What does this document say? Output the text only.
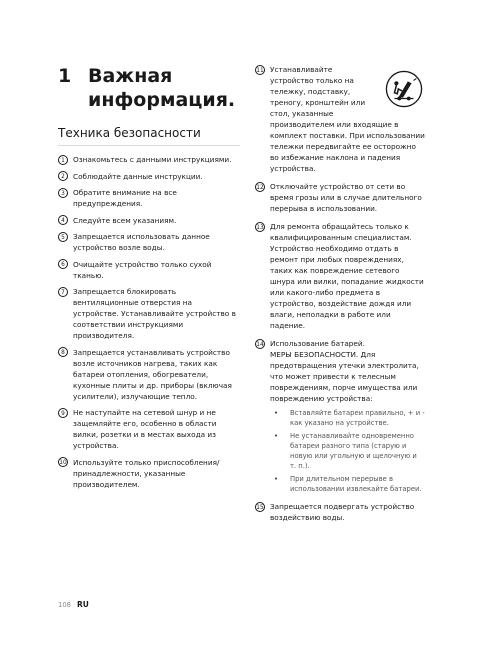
1 Важная информация.
Техника безопасности
1	Ознакомьтесь с данными инструкциями.
2	Соблюдайте данные инструкции.
3	Обратите внимание на все предупреждения.
4	Следуйте всем указаниям.
5	Запрещается использовать данное устройство возле воды.
6	Очищайте устройство только сухой тканью.
7	Запрещается блокировать вентиляционные отверстия на устройстве. Устанавливайте устройство в соответствии инструкциями производителя.
8	Запрещается устанавливать устройство возле источников нагрева, таких как батареи отопления, обогреватели, кухонные плиты и др. приборы (включая усилители), излучающие тепло.
9	Не наступайте на сетевой шнур и не защемляйте его, особенно в области вилки, розетки и в местах выхода из устройства.
10 Используйте только приспособления/принадлежности, указанные производителем.
11 Устанавливайте устройство только на тележку, подставку, треногу, кронштейн или стол, указанные
производителем или входящие в комплект поставки. При использовании тележки передвигайте ее осторожно во избежание наклона и падения устройства.
12 Отключайте устройство от сети во время грозы или в случае длительного перерыва в использовании.
13 Для ремонта обращайтесь только к квалифицированным специалистам. Устройство необходимо отдать в ремонт при любых повреждениях, таких как повреждение сетевого шнура или вилки, попадание жидкости или какого-либо предмета в устройство, воздействие дождя или влаги, неполадки в работе или падение.
14 Использование батарей.
МЕРЫ БЕЗОПАСНОСТИ. Для предотвращения утечки электролита, что может привести к телесным повреждениям, порче имущества или повреждению устройства:
• Вставляйте батареи правильно, + и - как указано на устройстве.
• Не устанавливайте одновременно батареи разного типа (старую и новую или угольную и щелочную и т. п.).
• При длительном перерыве в использовании извлекайте батареи.
15 Запрещается подвергать устройство воздействию воды.
108 RU
